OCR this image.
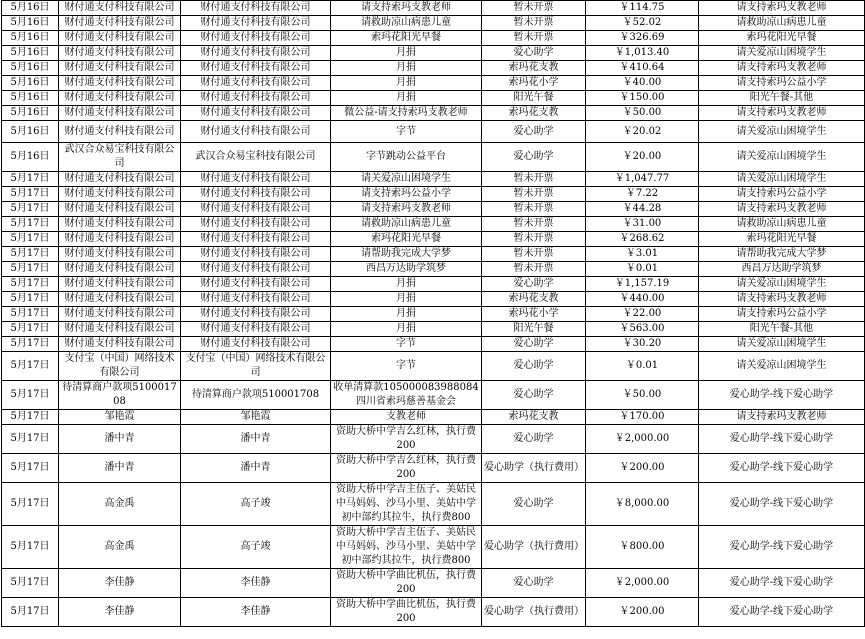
5月16日	财付通支付科技有限公司	财付通支付科技有限公司	请支持索玛支教老师	暂未开票	￥114.75	请支持索玛支教老师
5月16日	财付通支付科技有限公司	财付通支付科技有限公司	请救助凉山病患儿童	暂未开票	￥52.02	请救助凉山病患儿童
5月16日	财付通支付科技有限公司	财付通支付科技有限公司	索玛花阳光早餐	暂未开票	￥326.69	索玛花阳光早餐
5月16日	财付通支付科技有限公司	财付通支付科技有限公司	月捐	爱心助学	￥1,013.40	请关爱凉山困境学生
5月16日	财付通支付科技有限公司	财付通支付科技有限公司	月捐	索玛花支教	￥410.64	请支持索玛支教老师
5月16日	财付通支付科技有限公司	财付通支付科技有限公司	月捐	索玛花小学	￥40.00	请支持索玛公益小学
5月16日	财付通支付科技有限公司	财付通支付科技有限公司	月捐	阳光午餐	￥150.00	阳光午餐-其他
5月16日	财付通支付科技有限公司	财付通支付科技有限公司	微公益-请支持索玛支教老师	索玛花支教	￥50.00	请支持索玛支教老师
5月16日	财付通支付科技有限公司	财付通支付科技有限公司	字节	爱心助学	￥20.02	请关爱凉山困境学生
5月16日	武汉合众易宝科技有限公司	武汉合众易宝科技有限公司	字节跳动公益平台	爱心助学	￥20.00	请关爱凉山困境学生
5月17日	财付通支付科技有限公司	财付通支付科技有限公司	请关爱凉山困境学生	暂未开票	￥1,047.77	请关爱凉山困境学生
5月17日	财付通支付科技有限公司	财付通支付科技有限公司	请支持索玛公益小学	暂未开票	￥7.22	请支持索玛公益小学
5月17日	财付通支付科技有限公司	财付通支付科技有限公司	请支持索玛支教老师	暂未开票	￥44.28	请支持索玛支教老师
5月17日	财付通支付科技有限公司	财付通支付科技有限公司	请救助凉山病患儿童	暂未开票	￥31.00	请救助凉山病患儿童
5月17日	财付通支付科技有限公司	财付通支付科技有限公司	索玛花阳光早餐	暂未开票	￥268.62	索玛花阳光早餐
5月17日	财付通支付科技有限公司	财付通支付科技有限公司	请帮助我完成大学梦	暂未开票	￥3.01	请帮助我完成大学梦
5月17日	财付通支付科技有限公司	财付通支付科技有限公司	西昌万达助学筑梦	暂未开票	￥0.01	西昌万达助学筑梦
5月17日	财付通支付科技有限公司	财付通支付科技有限公司	月捐	爱心助学	￥1,157.19	请关爱凉山困境学生
5月17日	财付通支付科技有限公司	财付通支付科技有限公司	月捐	索玛花支教	￥440.00	请支持索玛支教老师
5月17日	财付通支付科技有限公司	财付通支付科技有限公司	月捐	索玛花小学	￥22.00	请支持索玛公益小学
5月17日	财付通支付科技有限公司	财付通支付科技有限公司	月捐	阳光午餐	￥563.00	阳光午餐-其他
5月17日	财付通支付科技有限公司	财付通支付科技有限公司	字节	爱心助学	￥30.20	请关爱凉山困境学生
5月17日	支付宝（中国）网络技术有限公司	支付宝（中国）网络技术有限公司	字节	爱心助学	￥0.01	请关爱凉山困境学生
5月17日	待清算商户款项510001708	待清算商户款项510001708	收单清算款105000083988084四川省索玛慈善基金会	爱心助学	￥50.00	爱心助学-线下爱心助学
5月17日	邹艳霞	邹艳霞	支教老师	索玛花支教	￥170.00	请支持索玛支教老师
5月17日	潘中青	潘中青	资助大桥中学吉么红林，执行费200	爱心助学	￥2,000.00	爱心助学-线下爱心助学
5月17日	潘中青	潘中青	资助大桥中学吉么红林，执行费200	爱心助学（执行费用）	￥200.00	爱心助学-线下爱心助学
5月17日	高金禹	高子竣	资助大桥中学吉主伍子、美姑民中马妈妈、沙马小里、美姑中学初中部约其拉牛，执行费800	爱心助学	￥8,000.00	爱心助学-线下爱心助学
5月17日	高金禹	高子竣	资助大桥中学吉主伍子、美姑民中马妈妈、沙马小里、美姑中学初中部约其拉牛，执行费800	爱心助学（执行费用）	￥800.00	爱心助学-线下爱心助学
5月17日	李佳静	李佳静	资助大桥中学曲比机伍，执行费200	爱心助学	￥2,000.00	爱心助学-线下爱心助学
5月17日	李佳静	李佳静	资助大桥中学曲比机伍，执行费200	爱心助学（执行费用）	￥200.00	爱心助学-线下爱心助学
